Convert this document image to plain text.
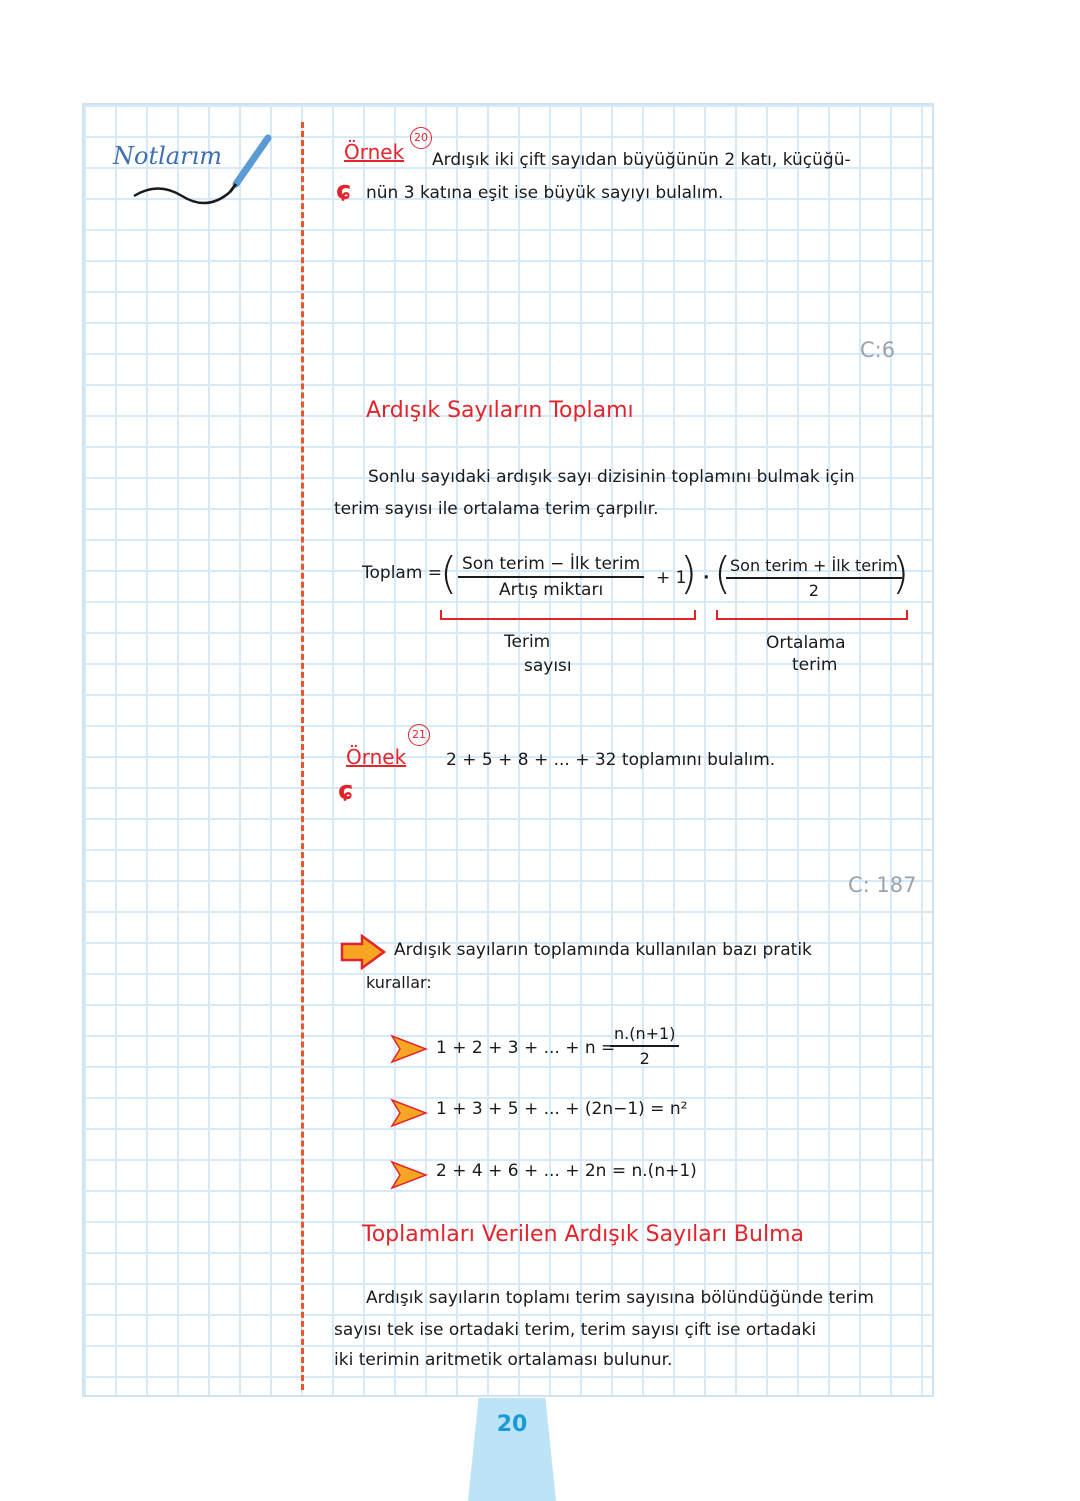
Notlarım	Örnek
20
ɕ
Ardışık iki çift sayıdan büyüğünün 2 katı, küçüğü-
nün 3 katına eşit ise büyük sayıyı bulalım.
C:6
Ardışık Sayıların Toplamı
Sonlu sayıdaki ardışık sayı dizisinin toplamını bulmak için
terim sayısı ile ortalama terim çarpılır.
Toplam =
( $\frac{\text{Son terim − İlk terim}}{\text{Artış miktarı}} + 1$
) · (
$\frac{\text{Son terim + İlk terim}}{2}$
)
Terim
sayısı
Ortalama
terim
Örnek
21
ɕ
2 + 5 + 8 + ... + 32 toplamını bulalım.
C: 187
Ardışık sayıların toplamında kullanılan bazı pratik
kurallar:
1 + 2 + 3 + ... + n =
$\frac{n.(n+1)}{2}$
1 + 3 + 5 + ... + (2n−1) = n²
2 + 4 + 6 + ... + 2n = n.(n+1)
Toplamları Verilen Ardışık Sayıları Bulma
Ardışık sayıların toplamı terim sayısına bölündüğünde terim
sayısı tek ise ortadaki terim, terim sayısı çift ise ortadaki
iki terimin aritmetik ortalaması bulunur.
20
